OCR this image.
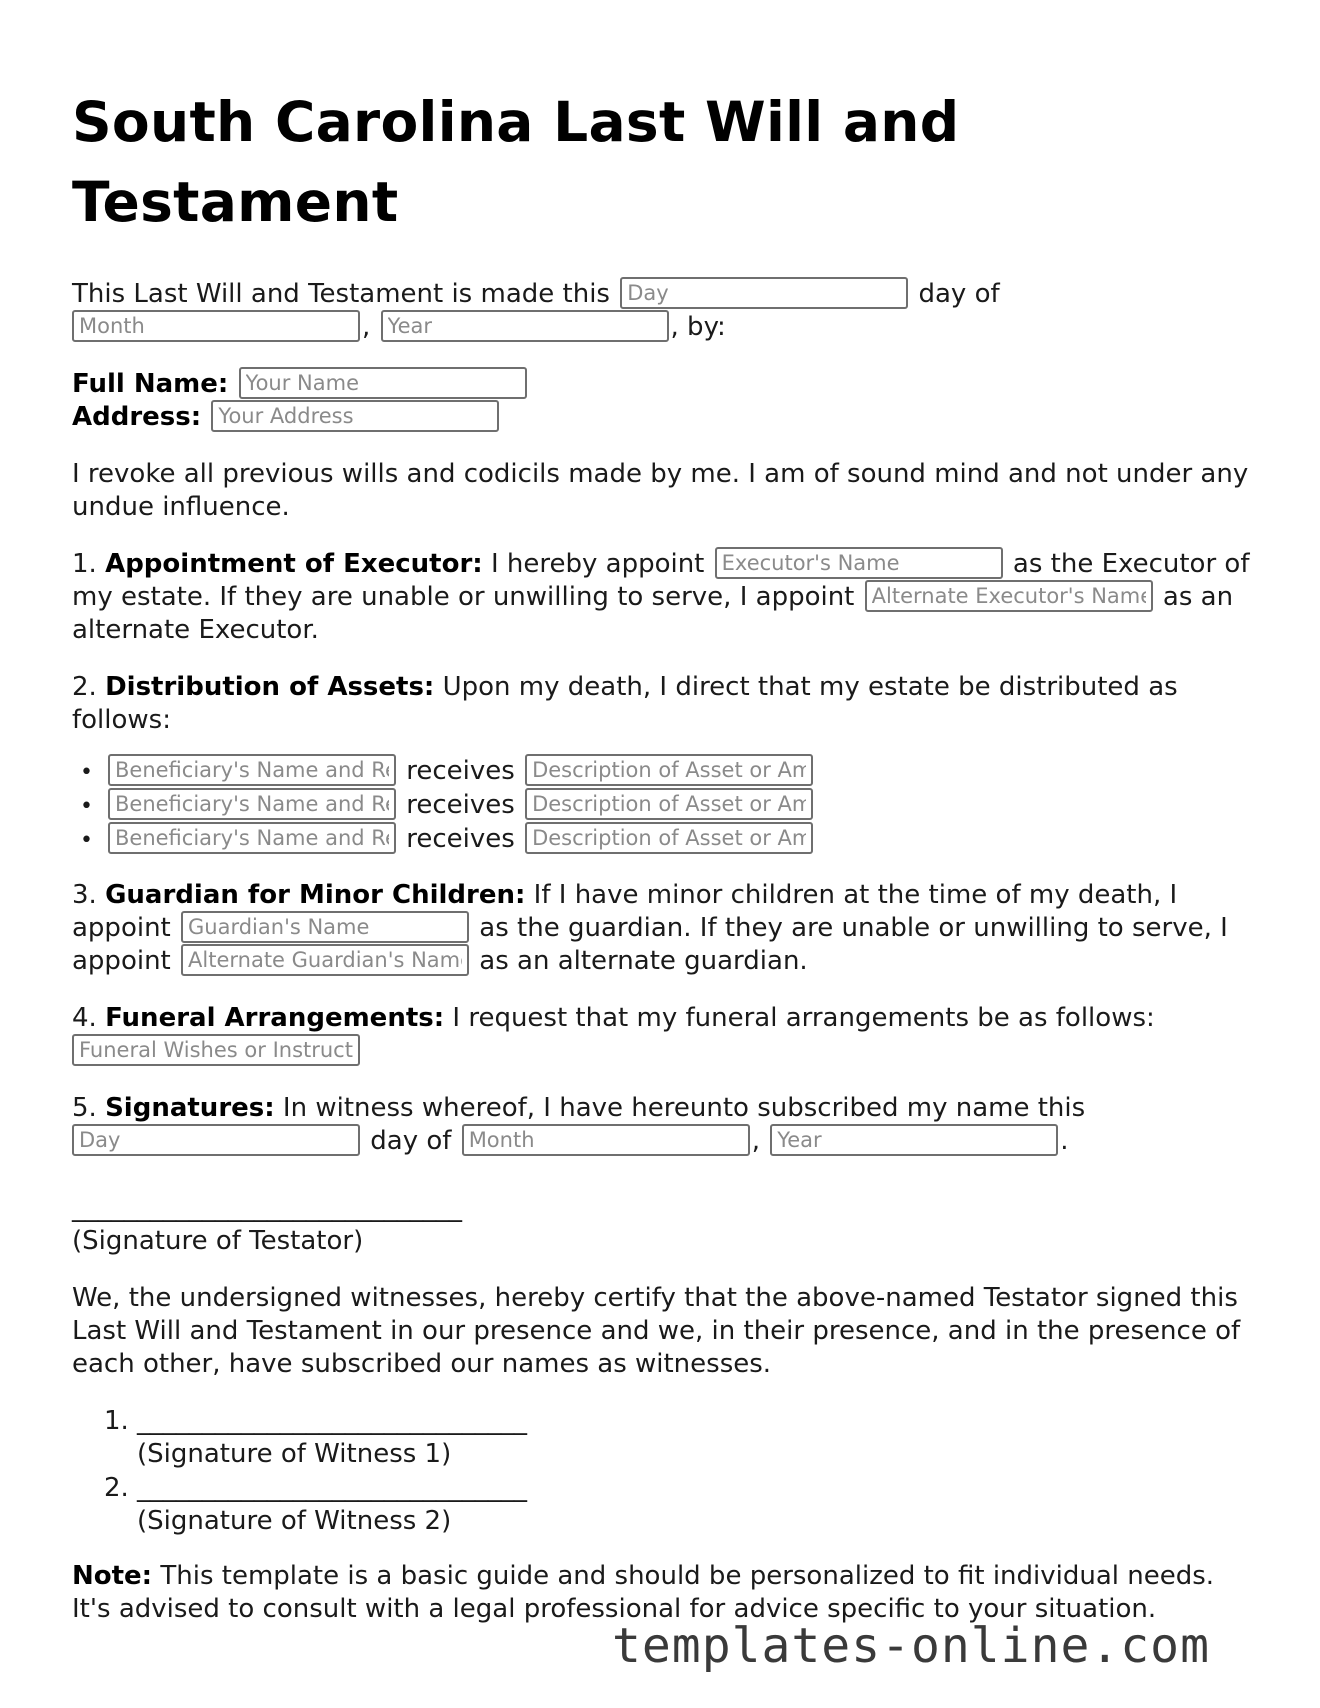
South Carolina Last Will and Testament

This Last Will and Testament is made this Day	day of
Month, Year	, by:

Full Name: Your Name
Address: Your Address

I revoke all previous wills and codicils made by me. I am of sound mind and not under any undue influence.

1. Appointment of Executor: I hereby appoint Executor's Name	as the Executor of my estate. If they are unable or unwilling to serve, I appoint Alternate Executor's Name	as an alternate Executor.

2. Distribution of Assets: Upon my death, I direct that my estate be distributed as follows:

•
Beneficiary's Name and Relationship	receives Description of Asset or Amount
•
Beneficiary's Name and Relationship	receives Description of Asset or Amount
•
Beneficiary's Name and Relationship	receives Description of Asset or Amount

3. Guardian for Minor Children: If I have minor children at the time of my death, I appoint Guardian's Name	as the guardian. If they are unable or unwilling to serve, I appoint Alternate Guardian's Name	as an alternate guardian.

4. Funeral Arrangements: I request that my funeral arrangements be as follows:
Funeral Wishes or Instructions

5. Signatures: In witness whereof, I have hereunto subscribed my name this
Day day of Month	, Year	.

______________________________
(Signature of Testator)

We, the undersigned witnesses, hereby certify that the above-named Testator signed this Last Will and Testament in our presence and we, in their presence, and in the presence of each other, have subscribed our names as witnesses.

1. ______________________________
(Signature of Witness 1)
2. ______________________________
(Signature of Witness 2)

Note: This template is a basic guide and should be personalized to fit individual needs. It's advised to consult with a legal professional for advice specific to your situation.

templates-online.com
